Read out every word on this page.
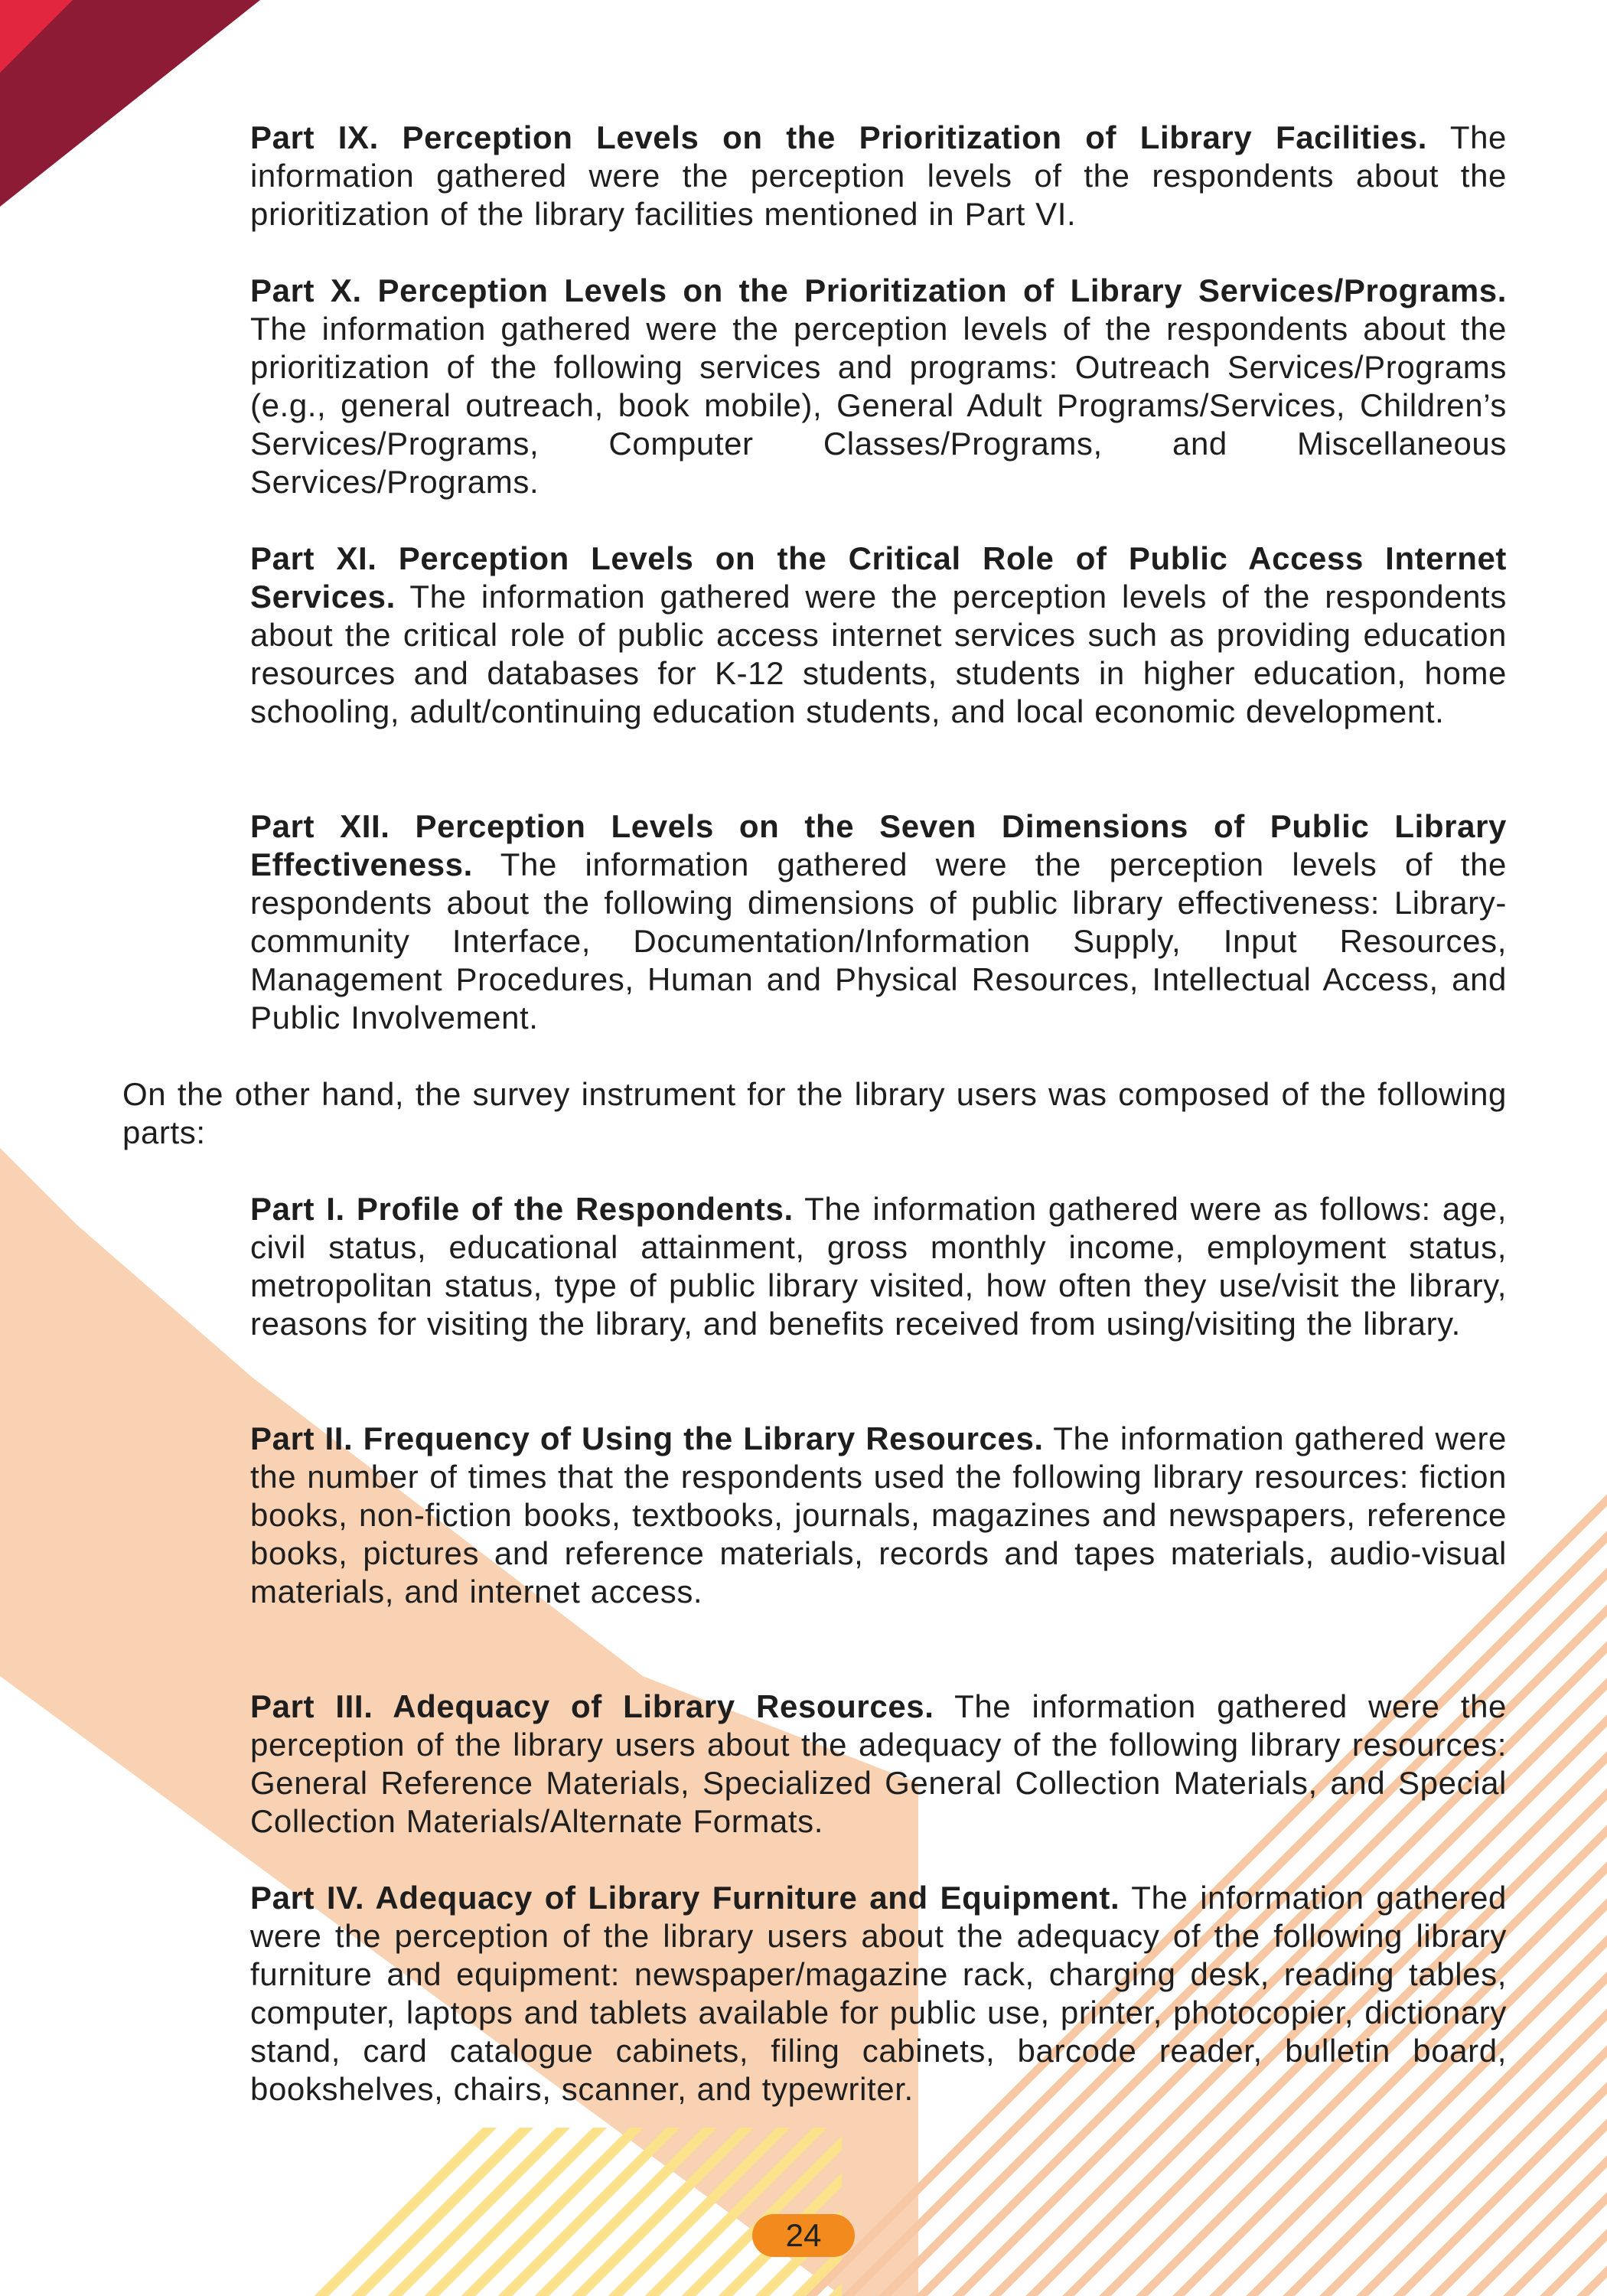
Part IX. Perception Levels on the Prioritization of Library Facilities. The information gathered were the perception levels of the respondents about the prioritization of the library facilities mentioned in Part VI.

Part X. Perception Levels on the Prioritization of Library Services/Programs. The information gathered were the perception levels of the respondents about the prioritization of the following services and programs: Outreach Services/Programs (e.g., general outreach, book mobile), General Adult Programs/Services, Children’s Services/Programs, Computer Classes/Programs, and Miscellaneous Services/Programs.

Part XI. Perception Levels on the Critical Role of Public Access Internet Services. The information gathered were the perception levels of the respondents about the critical role of public access internet services such as providing education resources and databases for K-12 students, students in higher education, home schooling, adult/continuing education students, and local economic development.

Part XII. Perception Levels on the Seven Dimensions of Public Library Effectiveness. The information gathered were the perception levels of the respondents about the following dimensions of public library effectiveness: Library-community Interface, Documentation/Information Supply, Input Resources, Management Procedures, Human and Physical Resources, Intellectual Access, and Public Involvement.

On the other hand, the survey instrument for the library users was composed of the following parts:

Part I. Profile of the Respondents. The information gathered were as follows: age, civil status, educational attainment, gross monthly income, employment status, metropolitan status, type of public library visited, how often they use/visit the library, reasons for visiting the library, and benefits received from using/visiting the library.

Part II. Frequency of Using the Library Resources. The information gathered were the number of times that the respondents used the following library resources: fiction books, non-fiction books, textbooks, journals, magazines and newspapers, reference books, pictures and reference materials, records and tapes materials, audio-visual materials, and internet access.

Part III. Adequacy of Library Resources. The information gathered were the perception of the library users about the adequacy of the following library resources: General Reference Materials, Specialized General Collection Materials, and Special Collection Materials/Alternate Formats.

Part IV. Adequacy of Library Furniture and Equipment. The information gathered were the perception of the library users about the adequacy of the following library furniture and equipment: newspaper/magazine rack, charging desk, reading tables, computer, laptops and tablets available for public use, printer, photocopier, dictionary stand, card catalogue cabinets, filing cabinets, barcode reader, bulletin board, bookshelves, chairs, scanner, and typewriter.

24
